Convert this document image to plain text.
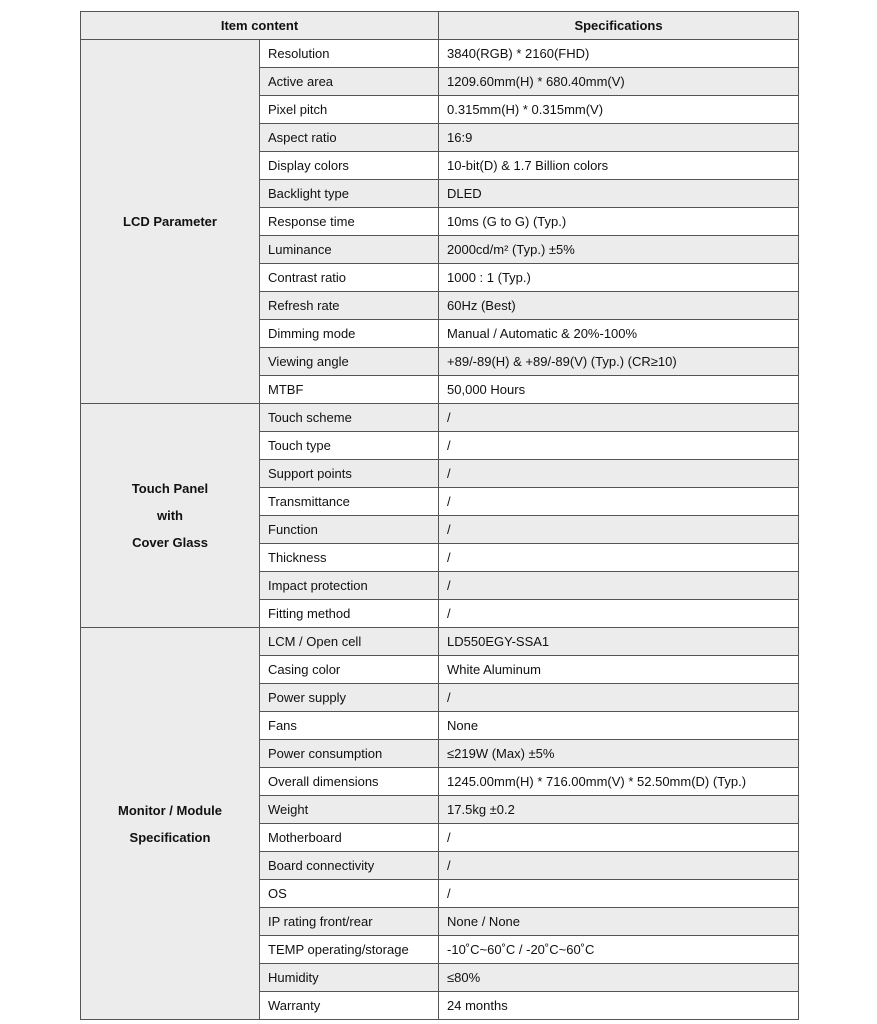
Item content		Specifications

LCD Parameter	Resolution	3840(RGB) * 2160(FHD)
	Active area	1209.60mm(H) * 680.40mm(V)
	Pixel pitch	0.315mm(H) * 0.315mm(V)
	Aspect ratio	16:9
	Display colors	10-bit(D) & 1.7 Billion colors
	Backlight type	DLED
	Response time	10ms (G to G) (Typ.)
	Luminance	2000cd/m² (Typ.) ±5%
	Contrast ratio	1000 : 1 (Typ.)
	Refresh rate	60Hz (Best)
	Dimming mode	Manual / Automatic & 20%-100%
	Viewing angle	+89/-89(H) & +89/-89(V) (Typ.) (CR≥10)
	MTBF	50,000 Hours

Touch Panel
with
Cover Glass	Touch scheme	/
	Touch type	/
	Support points	/
	Transmittance	/
	Function	/
	Thickness	/
	Impact protection	/
	Fitting method	/

Monitor / Module
Specification	LCM / Open cell	LD550EGY-SSA1
	Casing color	White Aluminum
	Power supply	/
	Fans	None
	Power consumption	≤219W (Max) ±5%
	Overall dimensions	1245.00mm(H) * 716.00mm(V) * 52.50mm(D) (Typ.)
	Weight	17.5kg ±0.2
	Motherboard	/
	Board connectivity	/
	OS	/
	IP rating front/rear	None / None
	TEMP operating/storage	-10˚C~60˚C / -20˚C~60˚C
	Humidity	≤80%
	Warranty	24 months
